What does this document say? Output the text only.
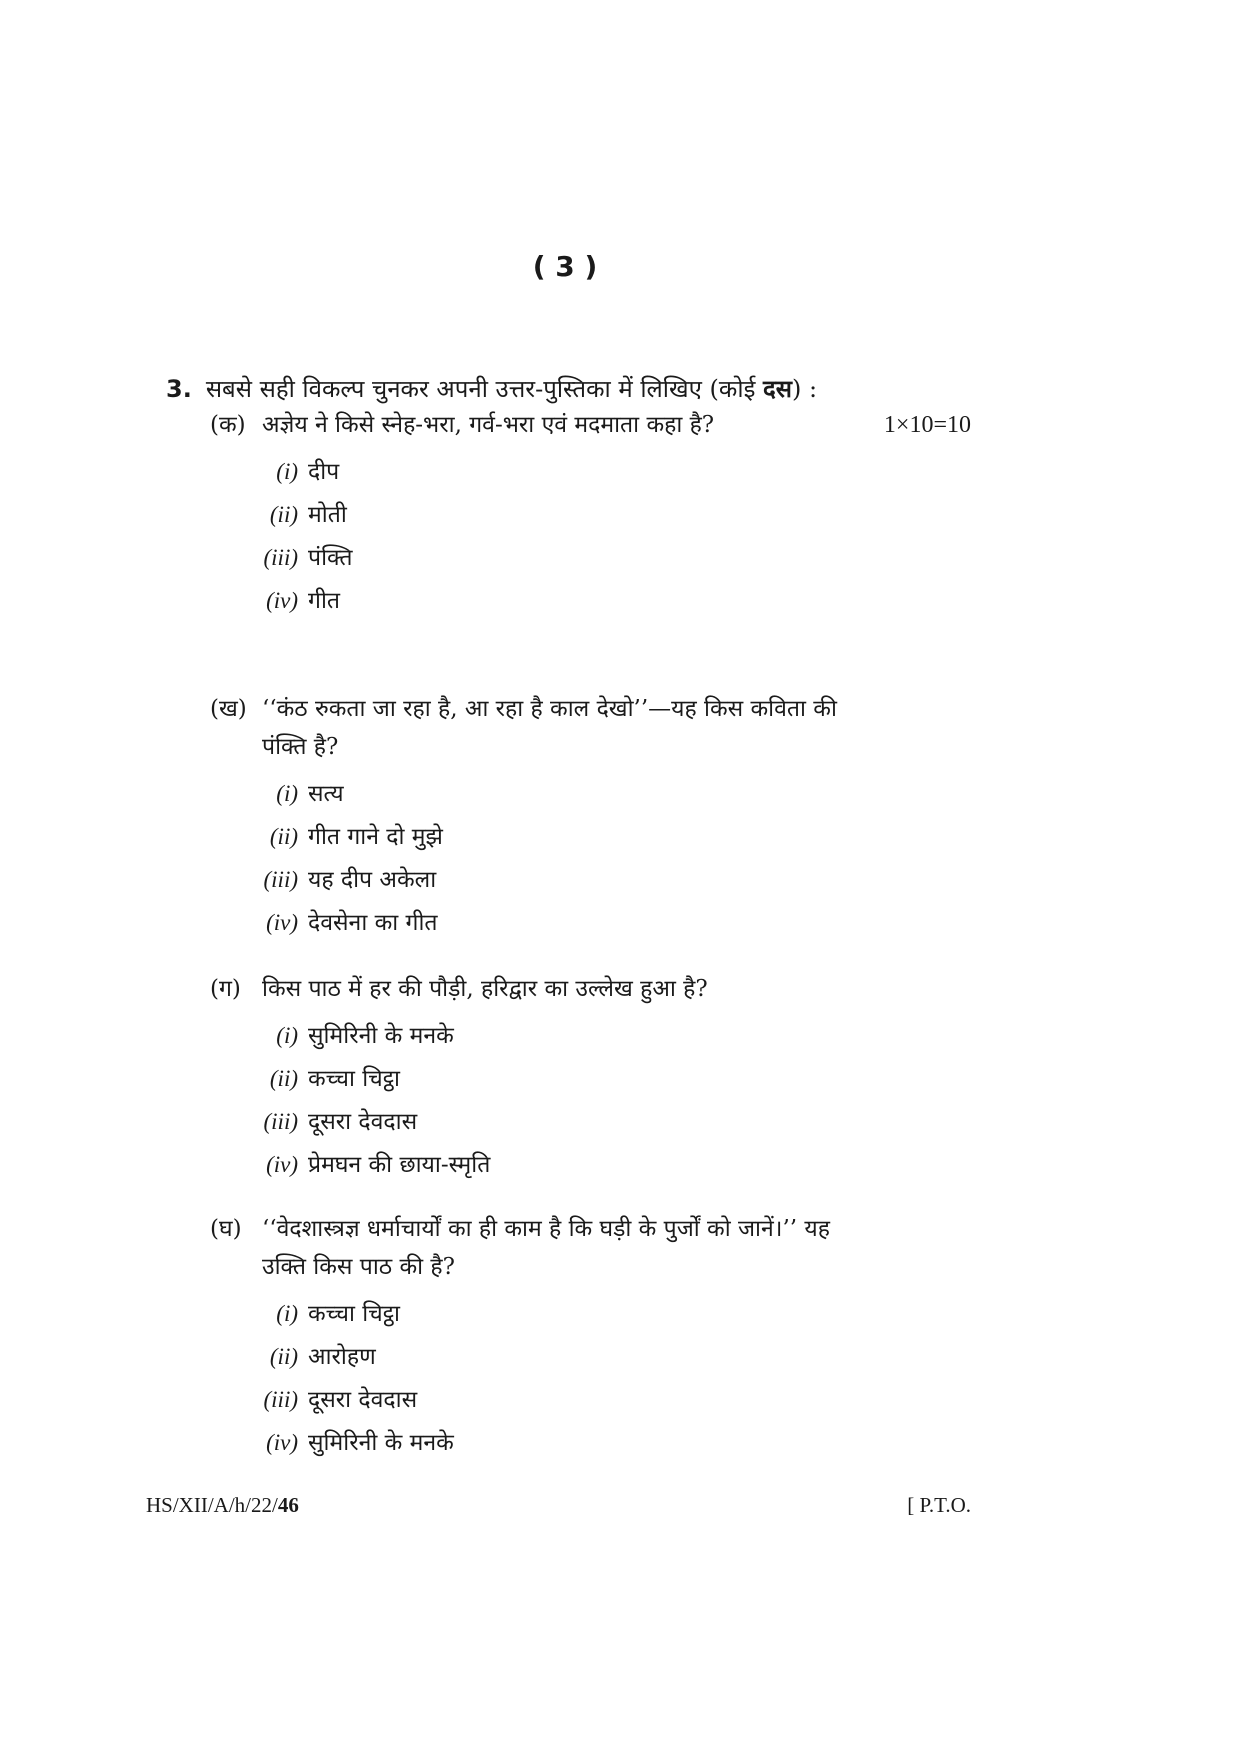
( 3 )
3. सबसे सही विकल्प चुनकर अपनी उत्तर-पुस्तिका में लिखिए (कोई दस) :
1×10=10
(क) अज्ञेय ने किसे स्नेह-भरा, गर्व-भरा एवं मदमाता कहा है?
(i) दीप
(ii) मोती
(iii) पंक्ति
(iv) गीत
(ख) ‘‘कंठ रुकता जा रहा है, आ रहा है काल देखो’’—यह किस कविता की
पंक्ति है?
(i) सत्य
(ii) गीत गाने दो मुझे
(iii) यह दीप अकेला
(iv) देवसेना का गीत
(ग) किस पाठ में हर की पौड़ी, हरिद्वार का उल्लेख हुआ है?
(i) सुमिरिनी के मनके
(ii) कच्चा चिट्ठा
(iii) दूसरा देवदास
(iv) प्रेमघन की छाया-स्मृति
(घ) ‘‘वेदशास्त्रज्ञ धर्माचार्यों का ही काम है कि घड़ी के पुर्जों को जानें।’’ यह
उक्ति किस पाठ की है?
(i) कच्चा चिट्ठा
(ii) आरोहण
(iii) दूसरा देवदास
(iv) सुमिरिनी के मनके
HS/XII/A/h/22/46	[ P.T.O.
